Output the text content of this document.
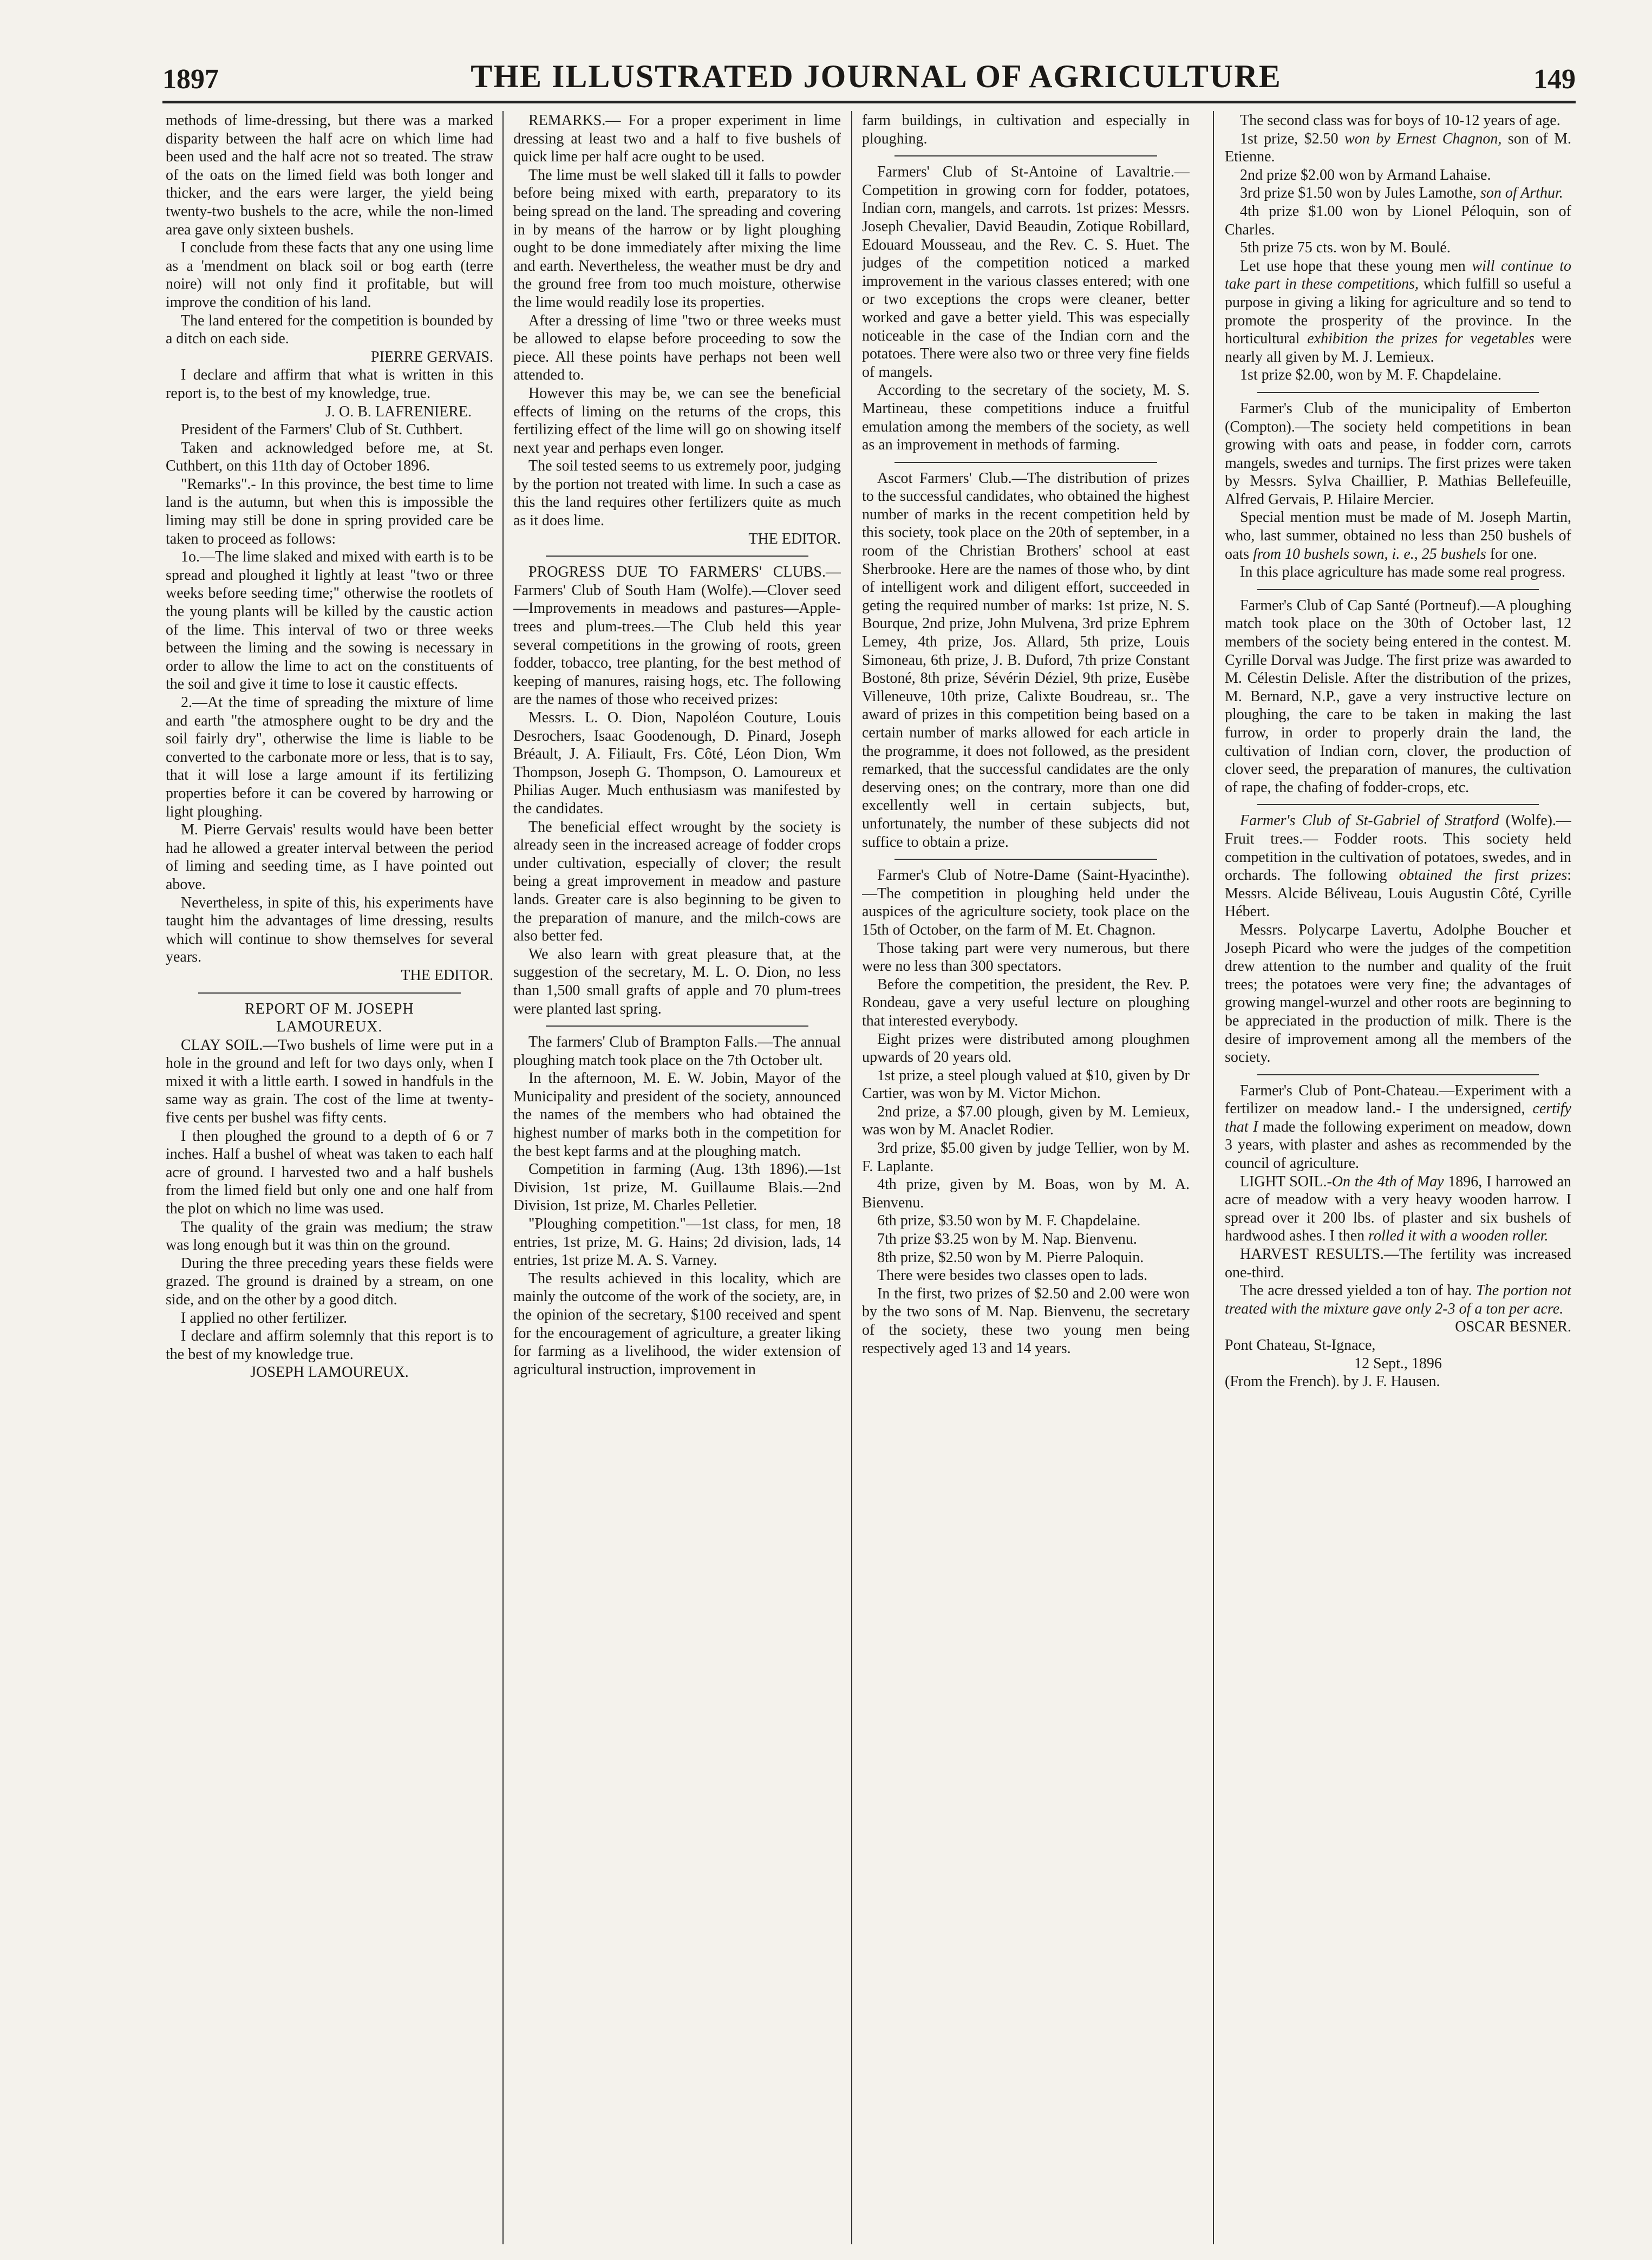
1897	THE ILLUSTRATED JOURNAL OF AGRICULTURE	149

methods of lime-dressing, but there was a marked disparity between the half acre on which lime had been used and the half acre not so treated. The straw of the oats on the limed field was both longer and thicker, and the ears were larger, the yield being twenty-two bushels to the acre, while the non-limed area gave only sixteen bushels.

I conclude from these facts that any one using lime as a 'mendment on black soil or bog earth (terre noire) will not only find it profitable, but will improve the condition of his land.

The land entered for the competition is bounded by a ditch on each side.

PIERRE GERVAIS.

I declare and affirm that what is written in this report is, to the best of my knowledge, true.

J. O. B. LAFRENIERE.

President of the Farmers' Club of St. Cuthbert.

Taken and acknowledged before me, at St. Cuthbert, on this 11th day of October 1896.

"Remarks".- In this province, the best time to lime land is the autumn, but when this is impossible the liming may still be done in spring provided care be taken to proceed as follows:

1o.—The lime slaked and mixed with earth is to be spread and ploughed it lightly at least "two or three weeks before seeding time;" otherwise the rootlets of the young plants will be killed by the caustic action of the lime. This interval of two or three weeks between the liming and the sowing is necessary in order to allow the lime to act on the constituents of the soil and give it time to lose it caustic effects.

2.—At the time of spreading the mixture of lime and earth "the atmosphere ought to be dry and the soil fairly dry", otherwise the lime is liable to be converted to the carbonate more or less, that is to say, that it will lose a large amount if its fertilizing properties before it can be covered by harrowing or light ploughing.

M. Pierre Gervais' results would have been better had he allowed a greater interval between the period of liming and seeding time, as I have pointed out above.

Nevertheless, in spite of this, his experiments have taught him the advantages of lime dressing, results which will continue to show themselves for several years.

THE EDITOR.

REPORT OF M. JOSEPH LAMOUREUX.

CLAY SOIL.—Two bushels of lime were put in a hole in the ground and left for two days only, when I mixed it with a little earth. I sowed in handfuls in the same way as grain. The cost of the lime at twenty-five cents per bushel was fifty cents.

I then ploughed the ground to a depth of 6 or 7 inches. Half a bushel of wheat was taken to each half acre of ground. I harvested two and a half bushels from the limed field but only one and one half from the plot on which no lime was used.

The quality of the grain was medium; the straw was long enough but it was thin on the ground.

During the three preceding years these fields were grazed. The ground is drained by a stream, on one side, and on the other by a good ditch.

I applied no other fertilizer.

I declare and affirm solemnly that this report is to the best of my knowledge true.

JOSEPH LAMOUREUX.

REMARKS.— For a proper experiment in lime dressing at least two and a half to five bushels of quick lime per half acre ought to be used.

The lime must be well slaked till it falls to powder before being mixed with earth, preparatory to its being spread on the land. The spreading and covering in by means of the harrow or by light ploughing ought to be done immediately after mixing the lime and earth. Nevertheless, the weather must be dry and the ground free from too much moisture, otherwise the lime would readily lose its properties.

After a dressing of lime "two or three weeks must be allowed to elapse before proceeding to sow the piece. All these points have perhaps not been well attended to.

However this may be, we can see the beneficial effects of liming on the returns of the crops, this fertilizing effect of the lime will go on showing itself next year and perhaps even longer.

The soil tested seems to us extremely poor, judging by the portion not treated with lime. In such a case as this the land requires other fertilizers quite as much as it does lime.

THE EDITOR.

PROGRESS DUE TO FARMERS' CLUBS.—Farmers' Club of South Ham (Wolfe).—Clover seed—Improvements in meadows and pastures—Apple-trees and plum-trees.—The Club held this year several competitions in the growing of roots, green fodder, tobacco, tree planting, for the best method of keeping of manures, raising hogs, etc. The following are the names of those who received prizes:

Messrs. L. O. Dion, Napoléon Couture, Louis Desrochers, Isaac Goodenough, D. Pinard, Joseph Bréault, J. A. Filiault, Frs. Côté, Léon Dion, Wm Thompson, Joseph G. Thompson, O. Lamoureux et Philias Auger. Much enthusiasm was manifested by the candidates.

The beneficial effect wrought by the society is already seen in the increased acreage of fodder crops under cultivation, especially of clover; the result being a great improvement in meadow and pasture lands. Greater care is also beginning to be given to the preparation of manure, and the milch-cows are also better fed.

We also learn with great pleasure that, at the suggestion of the secretary, M. L. O. Dion, no less than 1,500 small grafts of apple and 70 plum-trees were planted last spring.

The farmers' Club of Brampton Falls.—The annual ploughing match took place on the 7th October ult.

In the afternoon, M. E. W. Jobin, Mayor of the Municipality and president of the society, announced the names of the members who had obtained the highest number of marks both in the competition for the best kept farms and at the ploughing match.

Competition in farming (Aug. 13th 1896).—1st Division, 1st prize, M. Guillaume Blais.—2nd Division, 1st prize, M. Charles Pelletier.

"Ploughing competition."—1st class, for men, 18 entries, 1st prize, M. G. Hains; 2d division, lads, 14 entries, 1st prize M. A. S. Varney.

The results achieved in this locality, which are mainly the outcome of the work of the society, are, in the opinion of the secretary, $100 received and spent for the encouragement of agriculture, a greater liking for farming as a livelihood, the wider extension of agricultural instruction, improvement in

farm buildings, in cultivation and especially in ploughing.

Farmers' Club of St-Antoine of Lavaltrie.—Competition in growing corn for fodder, potatoes, Indian corn, mangels, and carrots. 1st prizes: Messrs. Joseph Chevalier, David Beaudin, Zotique Robillard, Edouard Mousseau, and the Rev. C. S. Huet. The judges of the competition noticed a marked improvement in the various classes entered; with one or two exceptions the crops were cleaner, better worked and gave a better yield. This was especially noticeable in the case of the Indian corn and the potatoes. There were also two or three very fine fields of mangels.

According to the secretary of the society, M. S. Martineau, these competitions induce a fruitful emulation among the members of the society, as well as an improvement in methods of farming.

Ascot Farmers' Club.—The distribution of prizes to the successful candidates, who obtained the highest number of marks in the recent competition held by this society, took place on the 20th of september, in a room of the Christian Brothers' school at east Sherbrooke. Here are the names of those who, by dint of intelligent work and diligent effort, succeeded in geting the required number of marks: 1st prize, N. S. Bourque, 2nd prize, John Mulvena, 3rd prize Ephrem Lemey, 4th prize, Jos. Allard, 5th prize, Louis Simoneau, 6th prize, J. B. Duford, 7th prize Constant Bostoné, 8th prize, Sévérin Déziel, 9th prize, Eusèbe Villeneuve, 10th prize, Calixte Boudreau, sr.. The award of prizes in this competition being based on a certain number of marks allowed for each article in the programme, it does not followed, as the president remarked, that the successful candidates are the only deserving ones; on the contrary, more than one did excellently well in certain subjects, but, unfortunately, the number of these subjects did not suffice to obtain a prize.

Farmer's Club of Notre-Dame (Saint-Hyacinthe).—The competition in ploughing held under the auspices of the agriculture society, took place on the 15th of October, on the farm of M. Et. Chagnon.

Those taking part were very numerous, but there were no less than 300 spectators.

Before the competition, the president, the Rev. P. Rondeau, gave a very useful lecture on ploughing that interested everybody.

Eight prizes were distributed among ploughmen upwards of 20 years old.

1st prize, a steel plough valued at $10, given by Dr Cartier, was won by M. Victor Michon.

2nd prize, a $7.00 plough, given by M. Lemieux, was won by M. Anaclet Rodier.

3rd prize, $5.00 given by judge Tellier, won by M. F. Laplante.

4th prize, given by M. Boas, won by M. A. Bienvenu.

6th prize, $3.50 won by M. F. Chapdelaine.

7th prize $3.25 won by M. Nap. Bienvenu.

8th prize, $2.50 won by M. Pierre Paloquin.

There were besides two classes open to lads.

In the first, two prizes of $2.50 and 2.00 were won by the two sons of M. Nap. Bienvenu, the secretary of the society, these two young men being respectively aged 13 and 14 years.

The second class was for boys of 10-12 years of age.

1st prize, $2.50 won by Ernest Chagnon, son of M. Etienne.

2nd prize $2.00 won by Armand Lahaise.

3rd prize $1.50 won by Jules Lamothe, son of Arthur.

4th prize $1.00 won by Lionel Péloquin, son of Charles.

5th prize 75 cts. won by M. Boulé.

Let use hope that these young men will continue to take part in these competitions, which fulfill so useful a purpose in giving a liking for agriculture and so tend to promote the prosperity of the province. In the horticultural exhibition the prizes for vegetables were nearly all given by M. J. Lemieux.

1st prize $2.00, won by M. F. Chapdelaine.

Farmer's Club of the municipality of Emberton (Compton).—The society held competitions in bean growing with oats and pease, in fodder corn, carrots mangels, swedes and turnips. The first prizes were taken by Messrs. Sylva Chaillier, P. Mathias Bellefeuille, Alfred Gervais, P. Hilaire Mercier.

Special mention must be made of M. Joseph Martin, who, last summer, obtained no less than 250 bushels of oats from 10 bushels sown, i. e., 25 bushels for one.

In this place agriculture has made some real progress.

Farmer's Club of Cap Santé (Portneuf).—A ploughing match took place on the 30th of October last, 12 members of the society being entered in the contest. M. Cyrille Dorval was Judge. The first prize was awarded to M. Célestin Delisle. After the distribution of the prizes, M. Bernard, N.P., gave a very instructive lecture on ploughing, the care to be taken in making the last furrow, in order to properly drain the land, the cultivation of Indian corn, clover, the production of clover seed, the preparation of manures, the cultivation of rape, the chafing of fodder-crops, etc.

Farmer's Club of St-Gabriel of Stratford (Wolfe).— Fruit trees.— Fodder roots. This society held competition in the cultivation of potatoes, swedes, and in orchards. The following obtained the first prizes: Messrs. Alcide Béliveau, Louis Augustin Côté, Cyrille Hébert.

Messrs. Polycarpe Lavertu, Adolphe Boucher et Joseph Picard who were the judges of the competition drew attention to the number and quality of the fruit trees; the potatoes were very fine; the advantages of growing mangel-wurzel and other roots are beginning to be appreciated in the production of milk. There is the desire of improvement among all the members of the society.

Farmer's Club of Pont-Chateau.—Experiment with a fertilizer on meadow land.- I the undersigned, certify that I made the following experiment on meadow, down 3 years, with plaster and ashes as recommended by the council of agriculture.

LIGHT SOIL.-On the 4th of May 1896, I harrowed an acre of meadow with a very heavy wooden harrow. I spread over it 200 lbs. of plaster and six bushels of hardwood ashes. I then rolled it with a wooden roller.

HARVEST RESULTS.—The fertility was increased one-third.

The acre dressed yielded a ton of hay. The portion not treated with the mixture gave only 2-3 of a ton per acre.

OSCAR BESNER.

Pont Chateau, St-Ignace,

12 Sept., 1896

(From the French). by J. F. Hausen.
